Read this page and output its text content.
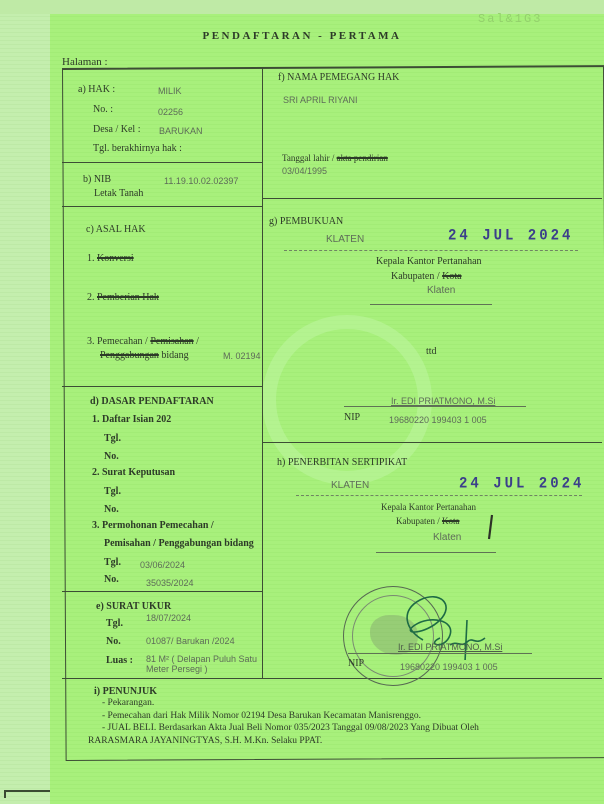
Sal&1G3
PENDAFTARAN - PERTAMA
Halaman :
a) HAK :	MILIK
No. :	02256
Desa / Kel : BARUKAN
Tgl. berakhirnya hak :
b) NIB	11.19.10.02.02397
Letak Tanah
c) ASAL HAK
1. Konversi
2. Pemberian Hak
3. Pemecahan / Pemisahan /
Penggabungan bidang	M. 02194
d) DASAR PENDAFTARAN
1. Daftar Isian 202
Tgl.
No.
2. Surat Keputusan
Tgl.
No.
3. Permohonan Pemecahan /
Pemisahan / Penggabungan bidang
Tgl. 03/06/2024
No.	35035/2024
e) SURAT UKUR
Tgl.	18/07/2024
No.	01087/ Barukan /2024
Luas : 81 M² ( Delapan Puluh Satu
Meter Persegi )
f) NAMA PEMEGANG HAK
SRI APRIL RIYANI
Tanggal lahir / akta pendirian
03/04/1995
g) PEMBUKUAN
KLATEN	24 JUL 2024
Kepala Kantor Pertanahan
Kabupaten / Kota
Klaten
ttd
Ir. EDI PRIATMONO, M.Si
NIP	19680220 199403 1 005
h) PENERBITAN SERTIPIKAT
KLATEN	24 JUL 2024
Kepala Kantor Pertanahan
Kabupaten / Kota
Klaten
Ir. EDI PRIATMONO, M.Si
NIP	19680220 199403 1 005
i) PENUNJUK
- Pekarangan.
- Pemecahan dari Hak Milik Nomor 02194 Desa Barukan Kecamatan Manisrenggo.
- JUAL BELI. Berdasarkan Akta Jual Beli Nomor 035/2023 Tanggal 09/08/2023 Yang Dibuat Oleh
RARASMARA JAYANINGTYAS, S.H. M.Kn. Selaku PPAT.
